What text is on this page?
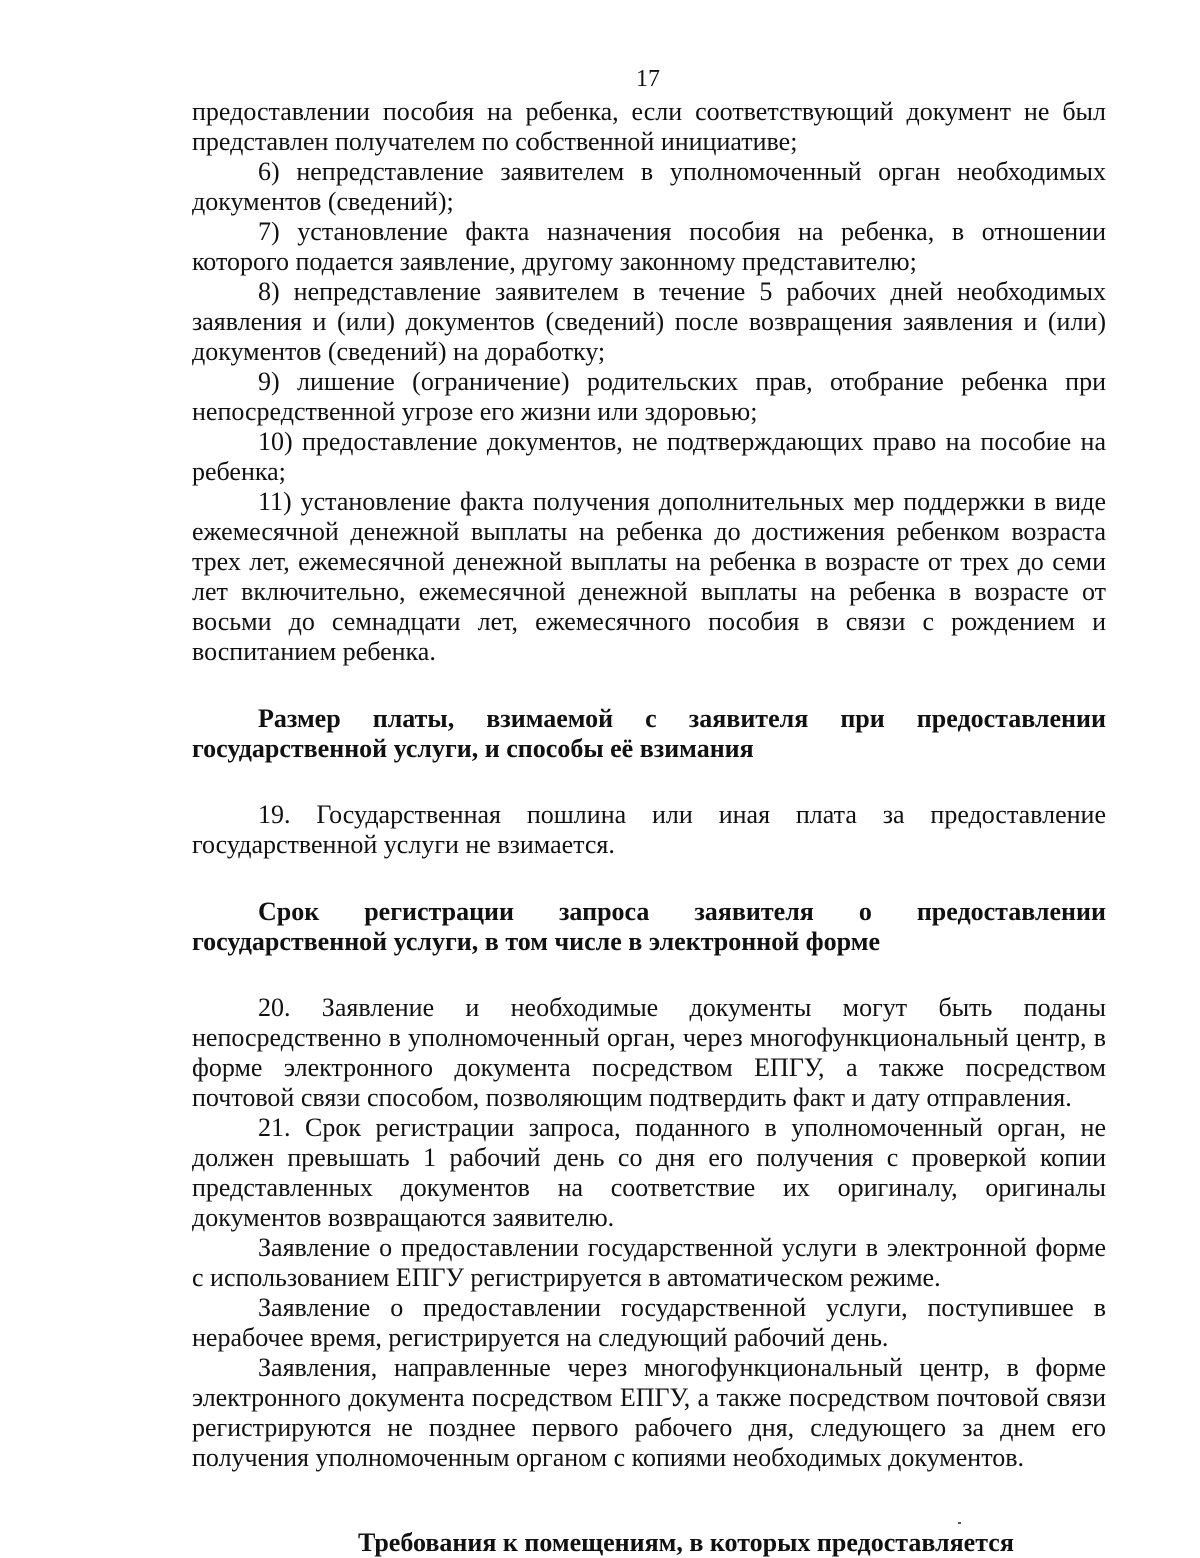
17

предоставлении пособия на ребенка, если соответствующий документ не был представлен получателем по собственной инициативе;

6) непредставление заявителем в уполномоченный орган необходимых документов (сведений);

7) установление факта назначения пособия на ребенка, в отношении которого подается заявление, другому законному представителю;

8) непредставление заявителем в течение 5 рабочих дней необходимых заявления и (или) документов (сведений) после возвращения заявления и (или) документов (сведений) на доработку;

9) лишение (ограничение) родительских прав, отобрание ребенка при непосредственной угрозе его жизни или здоровью;

10) предоставление документов, не подтверждающих право на пособие на ребенка;

11) установление факта получения дополнительных мер поддержки в виде ежемесячной денежной выплаты на ребенка до достижения ребенком возраста трех лет, ежемесячной денежной выплаты на ребенка в возрасте от трех до семи лет включительно, ежемесячной денежной выплаты на ребенка в возрасте от восьми до семнадцати лет, ежемесячного пособия в связи с рождением и воспитанием ребенка.

Размер платы, взимаемой с заявителя при предоставлении государственной услуги, и способы её взимания

19. Государственная пошлина или иная плата за предоставление государственной услуги не взимается.

Срок регистрации запроса заявителя о предоставлении государственной услуги, в том числе в электронной форме

20. Заявление и необходимые документы могут быть поданы непосредственно в уполномоченный орган, через многофункциональный центр, в форме электронного документа посредством ЕПГУ, а также посредством почтовой связи способом, позволяющим подтвердить факт и дату отправления.

21. Срок регистрации запроса, поданного в уполномоченный орган, не должен превышать 1 рабочий день со дня его получения с проверкой копии представленных документов на соответствие их оригиналу, оригиналы документов возвращаются заявителю.

Заявление о предоставлении государственной услуги в электронной форме с использованием ЕПГУ регистрируется в автоматическом режиме.

Заявление о предоставлении государственной услуги, поступившее в нерабочее время, регистрируется на следующий рабочий день.

Заявления, направленные через многофункциональный центр, в форме электронного документа посредством ЕПГУ, а также посредством почтовой связи регистрируются не позднее первого рабочего дня, следующего за днем его получения уполномоченным органом с копиями необходимых документов.

Требования к помещениям, в которых предоставляется
